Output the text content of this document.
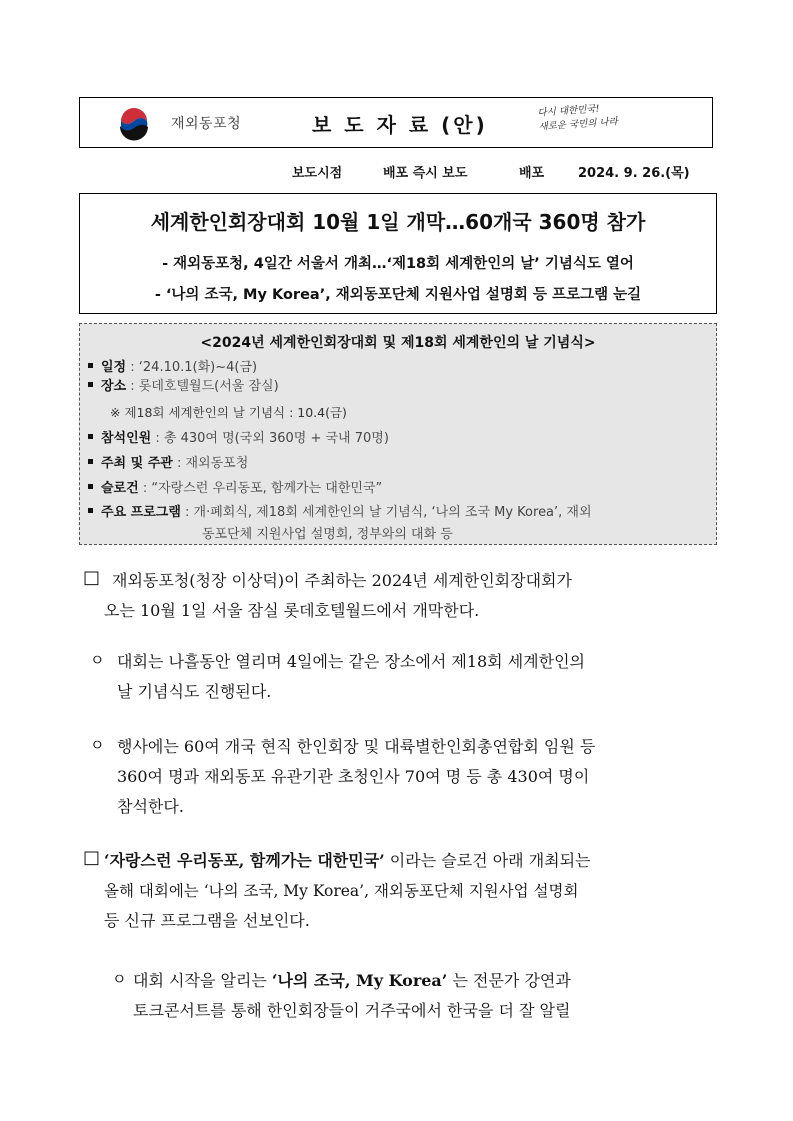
재외동포청	보 도 자 료 (안)
다시 대한민국!
새로운 국민의 나라
보도시점	배포 즉시 보도	배포	2024. 9. 26.(목)
세계한인회장대회 10월 1일 개막…60개국 360명 참가
- 재외동포청, 4일간 서울서 개최…‘제18회 세계한인의 날’ 기념식도 열어
- ‘나의 조국, My Korea’, 재외동포단체 지원사업 설명회 등 프로그램 눈길
<2024년 세계한인회장대회 및 제18회 세계한인의 날 기념식>
일정 : ‘24.10.1(화)~4(금)
장소 : 롯데호텔월드(서울 잠실)
※ 제18회 세계한인의 날 기념식 : 10.4(금)
참석인원 : 총 430여 명(국외 360명 + 국내 70명)
주최 및 주관 : 재외동포청
슬로건 : “자랑스런 우리동포, 함께가는 대한민국”
주요 프로그램 : 개·폐회식, 제18회 세계한인의 날 기념식, ‘나의 조국 My Korea’, 재외
동포단체 지원사업 설명회, 정부와의 대화 등
□ 재외동포청(청장 이상덕)이 주최하는 2024년 세계한인회장대회가
오는 10월 1일 서울 잠실 롯데호텔월드에서 개막한다.
ㅇ 대회는 나흘동안 열리며 4일에는 같은 장소에서 제18회 세계한인의
날 기념식도 진행된다.
ㅇ 행사에는 60여 개국 현직 한인회장 및 대륙별한인회총연합회 임원 등
360여 명과 재외동포 유관기관 초청인사 70여 명 등 총 430여 명이
참석한다.
□ ‘자랑스런 우리동포, 함께가는 대한민국’ 이라는 슬로건 아래 개최되는
올해 대회에는 ‘나의 조국, My Korea’, 재외동포단체 지원사업 설명회
등 신규 프로그램을 선보인다.
ㅇ 대회 시작을 알리는 ‘나의 조국, My Korea’ 는 전문가 강연과
토크콘서트를 통해 한인회장들이 거주국에서 한국을 더 잘 알릴
